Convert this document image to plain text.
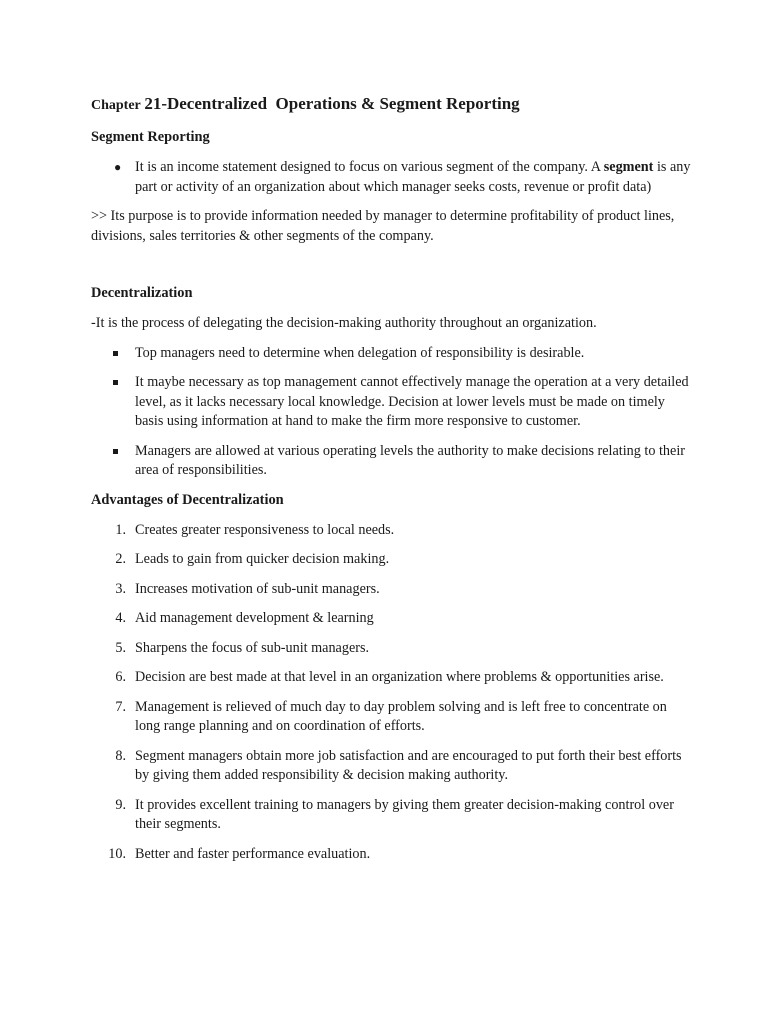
Chapter 21-Decentralized  Operations & Segment Reporting
Segment Reporting
● It is an income statement designed to focus on various segment of the company. A segment is any part or activity of an organization about which manager seeks costs, revenue or profit data)

>> Its purpose is to provide information needed by manager to determine profitability of product lines, divisions, sales territories & other segments of the company.

Decentralization

-It is the process of delegating the decision-making authority throughout an organization.

Top managers need to determine when delegation of responsibility is desirable.
It maybe necessary as top management cannot effectively manage the operation at a very detailed level, as it lacks necessary local knowledge. Decision at lower levels must be made on timely basis using information at hand to make the firm more responsive to customer.
Managers are allowed at various operating levels the authority to make decisions relating to their area of responsibilities.
Advantages of Decentralization
1. Creates greater responsiveness to local needs.
2. Leads to gain from quicker decision making.
3. Increases motivation of sub-unit managers.
4. Aid management development & learning
5. Sharpens the focus of sub-unit managers.
6. Decision are best made at that level in an organization where problems & opportunities arise.
7. Management is relieved of much day to day problem solving and is left free to concentrate on long range planning and on coordination of efforts.
8. Segment managers obtain more job satisfaction and are encouraged to put forth their best efforts by giving them added responsibility & decision making authority.
9. It provides excellent training to managers by giving them greater decision-making control over their segments.
10. Better and faster performance evaluation.
